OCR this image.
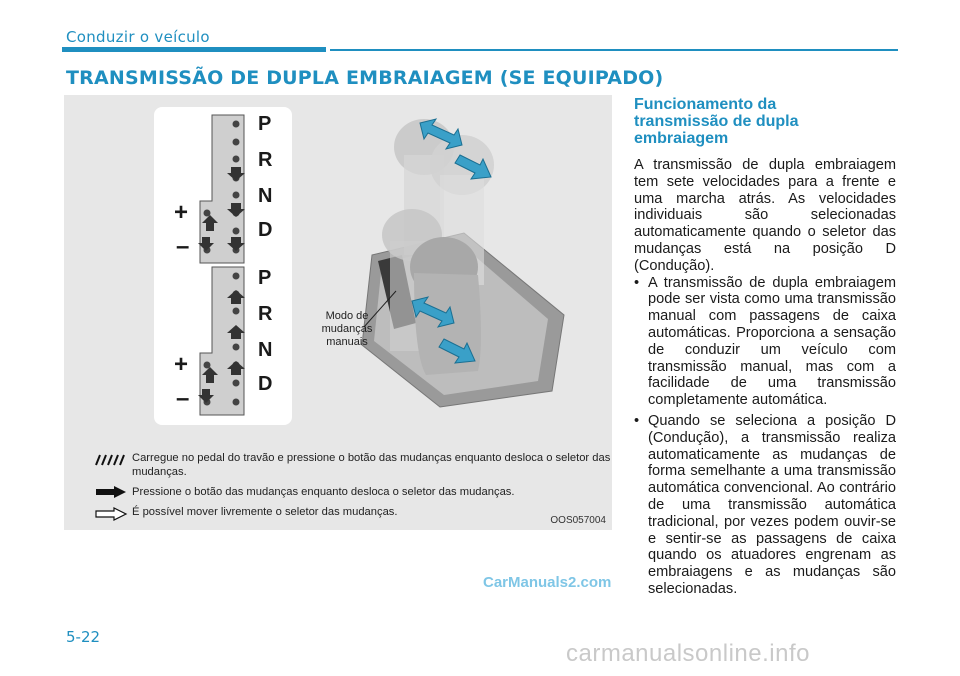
Conduzir o veículo
TRANSMISSÃO DE DUPLA EMBRAIAGEM (SE EQUIPADO)
P
R
N
D
P
R
N
D
+
–
+
–
Modo de mudanças manuais
Carregue no pedal do travão e pressione o botão das mudanças enquanto desloca o seletor das mudanças.
Pressione o botão das mudanças enquanto desloca o seletor das mudanças.
É possível mover livremente o seletor das mudanças.
OOS057004
Funcionamento da transmissão de dupla embraiagem

A transmissão de dupla embraiagem tem sete velocidades para a frente e uma marcha atrás. As velocidades individuais são selecionadas automaticamente quando o seletor das mudanças está na posição D (Condução).

• A transmissão de dupla embraiagem pode ser vista como uma transmissão manual com passagens de caixa automáticas. Proporciona a sensação de conduzir um veículo com transmissão manual, mas com a facilidade de uma transmissão completamente automática.
• Quando se seleciona a posição D (Condução), a transmissão realiza automaticamente as mudanças de forma semelhante a uma transmissão automática convencional. Ao contrário de uma transmissão automática tradicional, por vezes podem ouvir-se e sentir-se as passagens de caixa quando os atuadores engrenam as embraiagens e as mudanças são selecionadas.
CarManuals2.com
5-22
carmanualsonline.info
